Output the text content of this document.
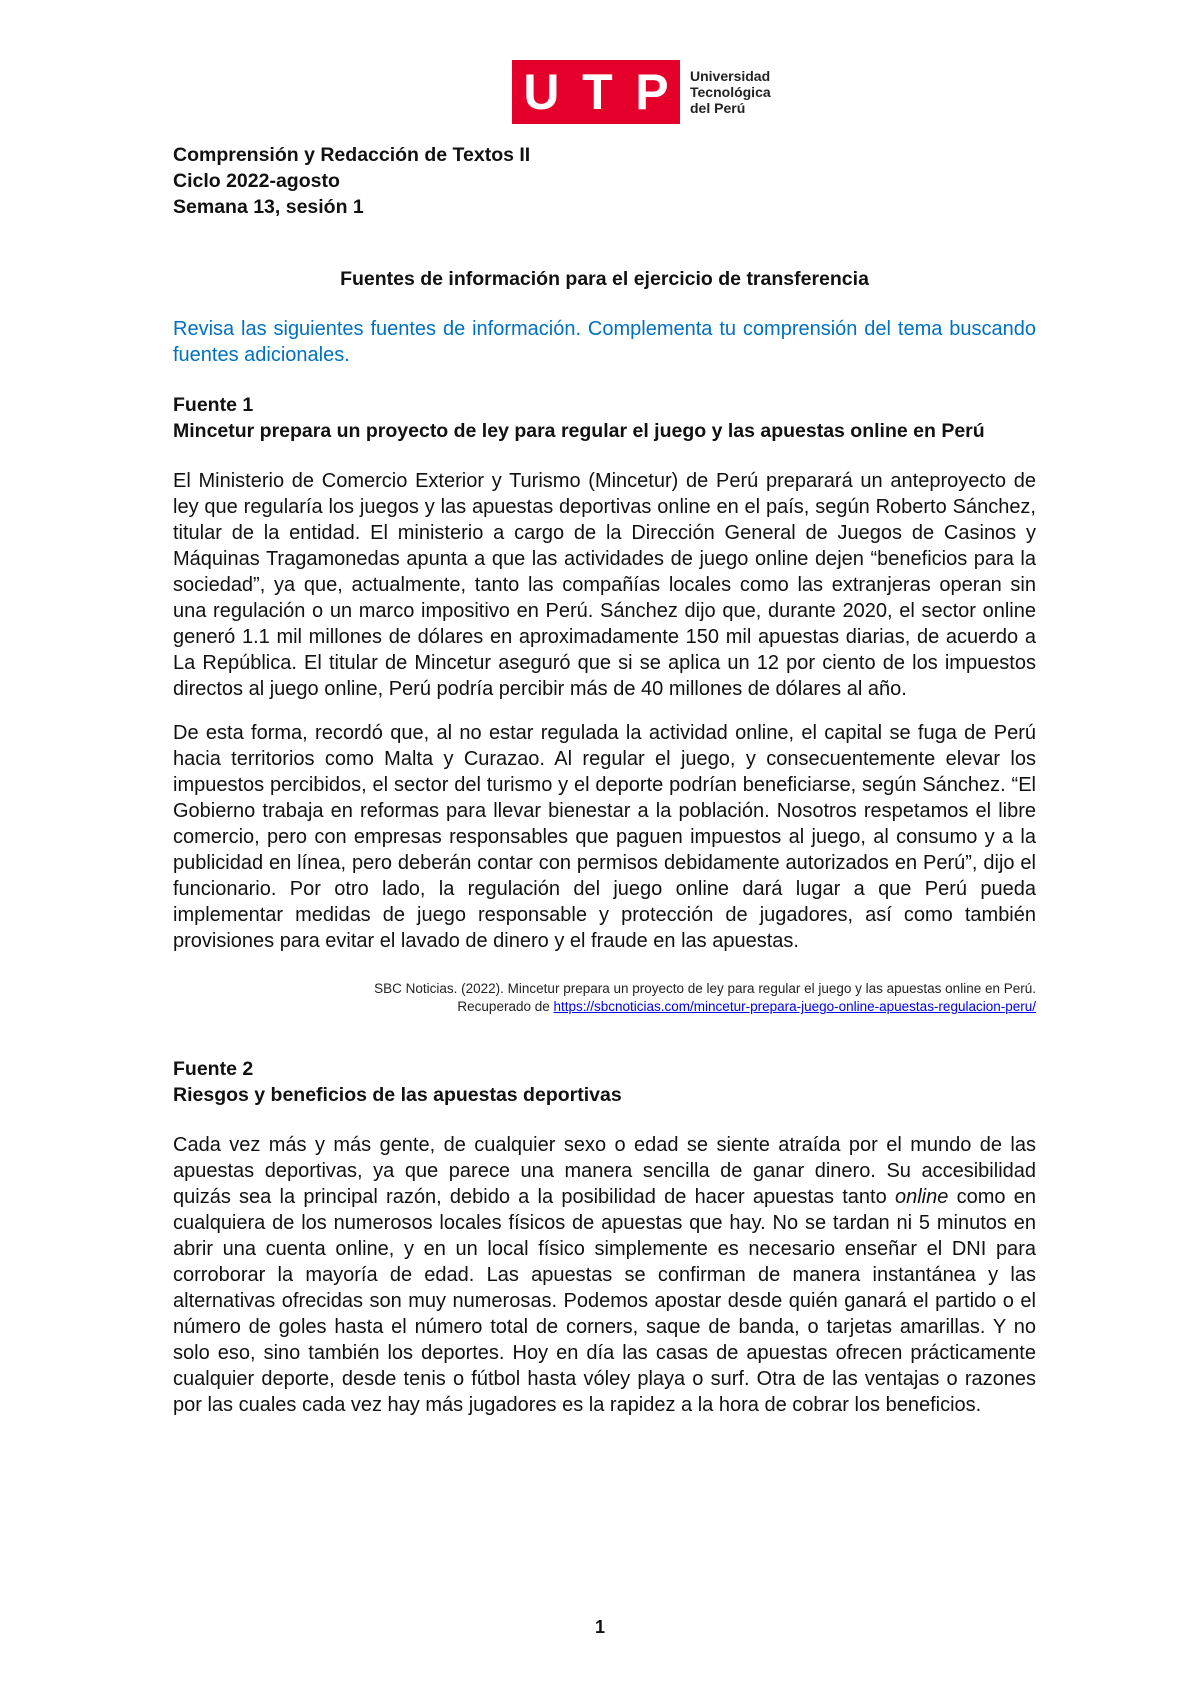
U T P Universidad
Tecnológica
del Perú

Comprensión y Redacción de Textos II

Ciclo 2022-agosto

Semana 13, sesión 1

Fuentes de información para el ejercicio de transferencia

Revisa las siguientes fuentes de información. Complementa tu comprensión del tema buscando fuentes adicionales.

Fuente 1

Mincetur prepara un proyecto de ley para regular el juego y las apuestas online en Perú

El Ministerio de Comercio Exterior y Turismo (Mincetur) de Perú preparará un anteproyecto de ley que regularía los juegos y las apuestas deportivas online en el país, según Roberto Sánchez, titular de la entidad. El ministerio a cargo de la Dirección General de Juegos de Casinos y Máquinas Tragamonedas apunta a que las actividades de juego online dejen “beneficios para la sociedad”, ya que, actualmente, tanto las compañías locales como las extranjeras operan sin una regulación o un marco impositivo en Perú. Sánchez dijo que, durante 2020, el sector online generó 1.1 mil millones de dólares en aproximadamente 150 mil apuestas diarias, de acuerdo a La República. El titular de Mincetur aseguró que si se aplica un 12 por ciento de los impuestos directos al juego online, Perú podría percibir más de 40 millones de dólares al año.

De esta forma, recordó que, al no estar regulada la actividad online, el capital se fuga de Perú hacia territorios como Malta y Curazao. Al regular el juego, y consecuentemente elevar los impuestos percibidos, el sector del turismo y el deporte podrían beneficiarse, según Sánchez. “El Gobierno trabaja en reformas para llevar bienestar a la población. Nosotros respetamos el libre comercio, pero con empresas responsables que paguen impuestos al juego, al consumo y a la publicidad en línea, pero deberán contar con permisos debidamente autorizados en Perú”, dijo el funcionario. Por otro lado, la regulación del juego online dará lugar a que Perú pueda implementar medidas de juego responsable y protección de jugadores, así como también provisiones para evitar el lavado de dinero y el fraude en las apuestas.

SBC Noticias. (2022). Mincetur prepara un proyecto de ley para regular el juego y las apuestas online en Perú.
Recuperado de https://sbcnoticias.com/mincetur-prepara-juego-online-apuestas-regulacion-peru/

Fuente 2

Riesgos y beneficios de las apuestas deportivas

Cada vez más y más gente, de cualquier sexo o edad se siente atraída por el mundo de las apuestas deportivas, ya que parece una manera sencilla de ganar dinero. Su accesibilidad quizás sea la principal razón, debido a la posibilidad de hacer apuestas tanto online como en cualquiera de los numerosos locales físicos de apuestas que hay. No se tardan ni 5 minutos en abrir una cuenta online, y en un local físico simplemente es necesario enseñar el DNI para corroborar la mayoría de edad. Las apuestas se confirman de manera instantánea y las alternativas ofrecidas son muy numerosas. Podemos apostar desde quién ganará el partido o el número de goles hasta el número total de corners, saque de banda, o tarjetas amarillas. Y no solo eso, sino también los deportes. Hoy en día las casas de apuestas ofrecen prácticamente cualquier deporte, desde tenis o fútbol hasta vóley playa o surf. Otra de las ventajas o razones por las cuales cada vez hay más jugadores es la rapidez a la hora de cobrar los beneficios.

1
